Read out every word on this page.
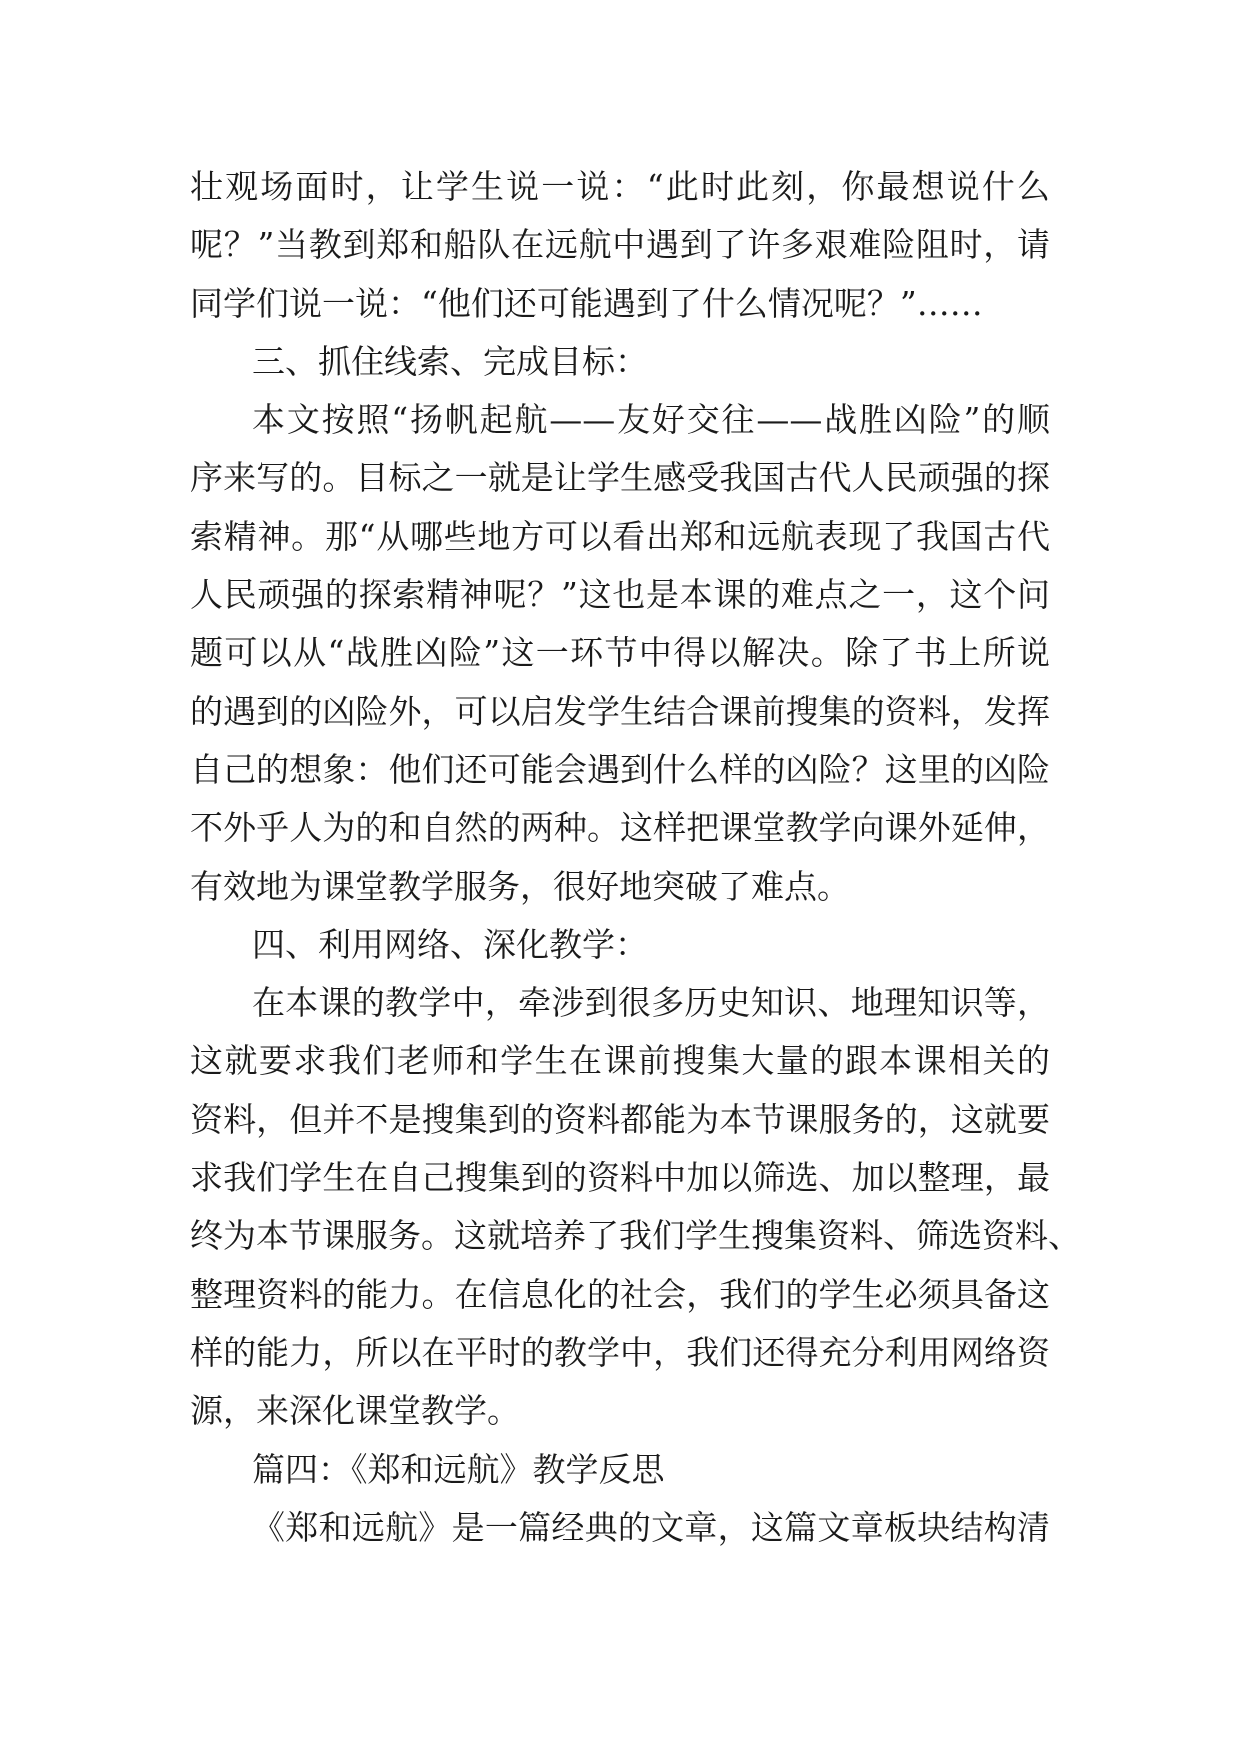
壮观场面时，让学生说一说：“此时此刻，你最想说什么
呢？”当教到郑和船队在远航中遇到了许多艰难险阻时，请
同学们说一说：“他们还可能遇到了什么情况呢？”……
三、抓住线索、完成目标：
本文按照“扬帆起航——友好交往——战胜凶险”的顺
序来写的。目标之一就是让学生感受我国古代人民顽强的探
索精神。那“从哪些地方可以看出郑和远航表现了我国古代
人民顽强的探索精神呢？”这也是本课的难点之一，这个问
题可以从“战胜凶险”这一环节中得以解决。除了书上所说
的遇到的凶险外，可以启发学生结合课前搜集的资料，发挥
自己的想象：他们还可能会遇到什么样的凶险？这里的凶险
不外乎人为的和自然的两种。这样把课堂教学向课外延伸，
有效地为课堂教学服务，很好地突破了难点。
四、利用网络、深化教学：
在本课的教学中，牵涉到很多历史知识、地理知识等，
这就要求我们老师和学生在课前搜集大量的跟本课相关的
资料，但并不是搜集到的资料都能为本节课服务的，这就要
求我们学生在自己搜集到的资料中加以筛选、加以整理，最
终为本节课服务。这就培养了我们学生搜集资料、筛选资料、
整理资料的能力。在信息化的社会，我们的学生必须具备这
样的能力，所以在平时的教学中，我们还得充分利用网络资
源，来深化课堂教学。
篇四：《郑和远航》教学反思
《郑和远航》是一篇经典的文章，这篇文章板块结构清
